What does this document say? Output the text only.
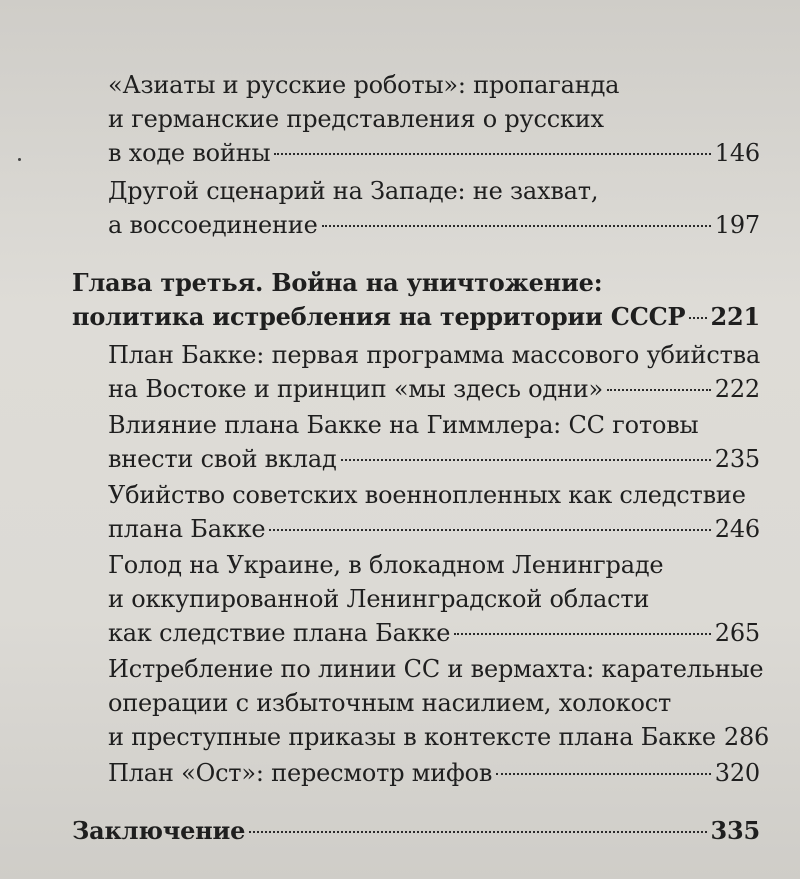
«Азиаты и русские роботы»: пропаганда
и германские представления о русских
в ходе войны	146
Другой сценарий на Западе: не захват,
а воссоединение	197
Глава третья. Война на уничтожение:
политика истребления на территории СССР 221
План Бакке: первая программа массового убийства
на Востоке и принцип «мы здесь одни»	222
Влияние плана Бакке на Гиммлера: СС готовы
внести свой вклад	235
Убийство советских военнопленных как следствие
плана Бакке	246
Голод на Украине, в блокадном Ленинграде
и оккупированной Ленинградской области
как следствие плана Бакке	265
Истребление по линии СС и вермахта: карательные
операции с избыточным насилием, холокост
и преступные приказы в контексте плана Бакке 286
План «Ост»: пересмотр мифов	320
Заключение	335
